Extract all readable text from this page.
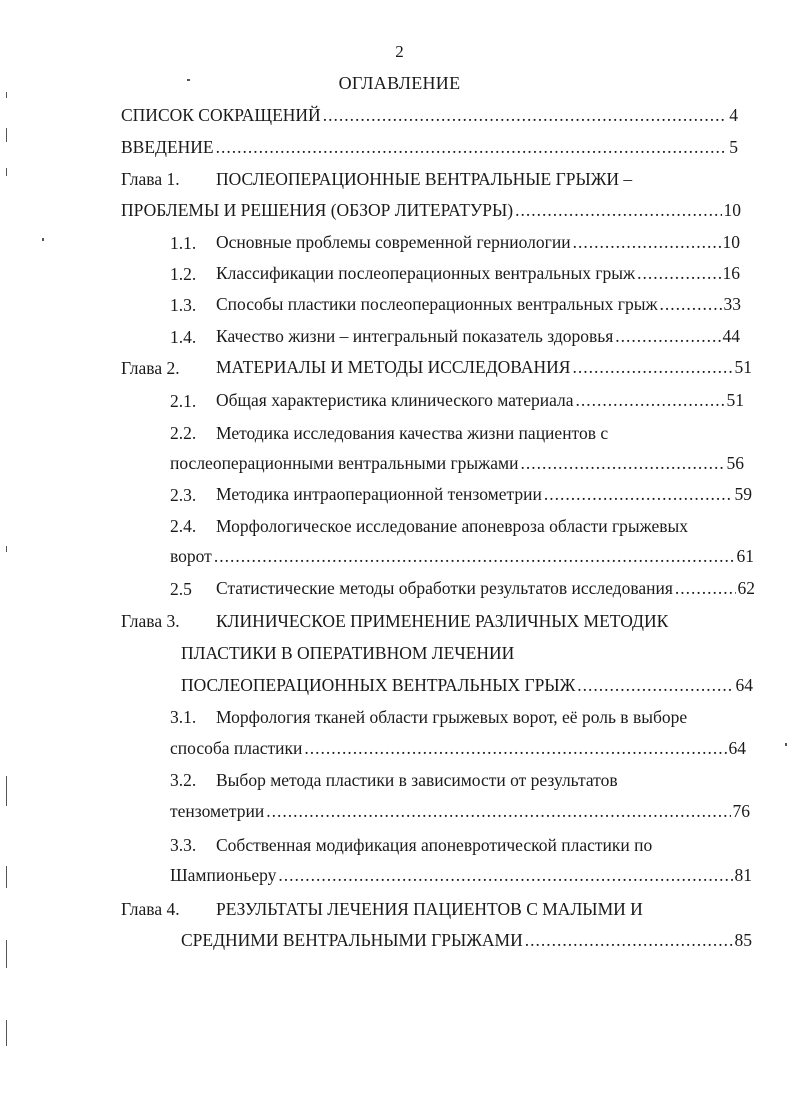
2
ОГЛАВЛЕНИЕ
СПИСОК СОКРАЩЕНИЙ .....	4
ВВЕДЕНИЕ .....	5
Глава 1. ПОСЛЕОПЕРАЦИОННЫЕ ВЕНТРАЛЬНЫЕ ГРЫЖИ –
ПРОБЛЕМЫ И РЕШЕНИЯ (ОБЗОР ЛИТЕРАТУРЫ) .....	10
1.1. Основные проблемы современной герниологии .....	10
1.2. Классификации послеоперационных вентральных грыж .....	16
1.3. Способы пластики послеоперационных вентральных грыж .....	33
1.4. Качество жизни – интегральный показатель здоровья .....	44
Глава 2. МАТЕРИАЛЫ И МЕТОДЫ ИССЛЕДОВАНИЯ .....	51
2.1. Общая характеристика клинического материала .....	51
2.2. Методика исследования качества жизни пациентов с
послеоперационными вентральными грыжами .....	56
2.3. Методика интраоперационной тензометрии .....	59
2.4. Морфологическое исследование апоневроза области грыжевых
ворот .....	61
2.5 Статистические методы обработки результатов исследования .....	62
Глава 3. КЛИНИЧЕСКОЕ ПРИМЕНЕНИЕ РАЗЛИЧНЫХ МЕТОДИК
ПЛАСТИКИ В ОПЕРАТИВНОМ ЛЕЧЕНИИ
ПОСЛЕОПЕРАЦИОННЫХ ВЕНТРАЛЬНЫХ ГРЫЖ .....	64
3.1. Морфология тканей области грыжевых ворот, её роль в выборе
способа пластики .....	64
3.2. Выбор метода пластики в зависимости от результатов
тензометрии .....	76
3.3. Собственная модификация апоневротической пластики по
Шампионьеру .....	81
Глава 4. РЕЗУЛЬТАТЫ ЛЕЧЕНИЯ ПАЦИЕНТОВ С МАЛЫМИ И
СРЕДНИМИ ВЕНТРАЛЬНЫМИ ГРЫЖАМИ .....	85
